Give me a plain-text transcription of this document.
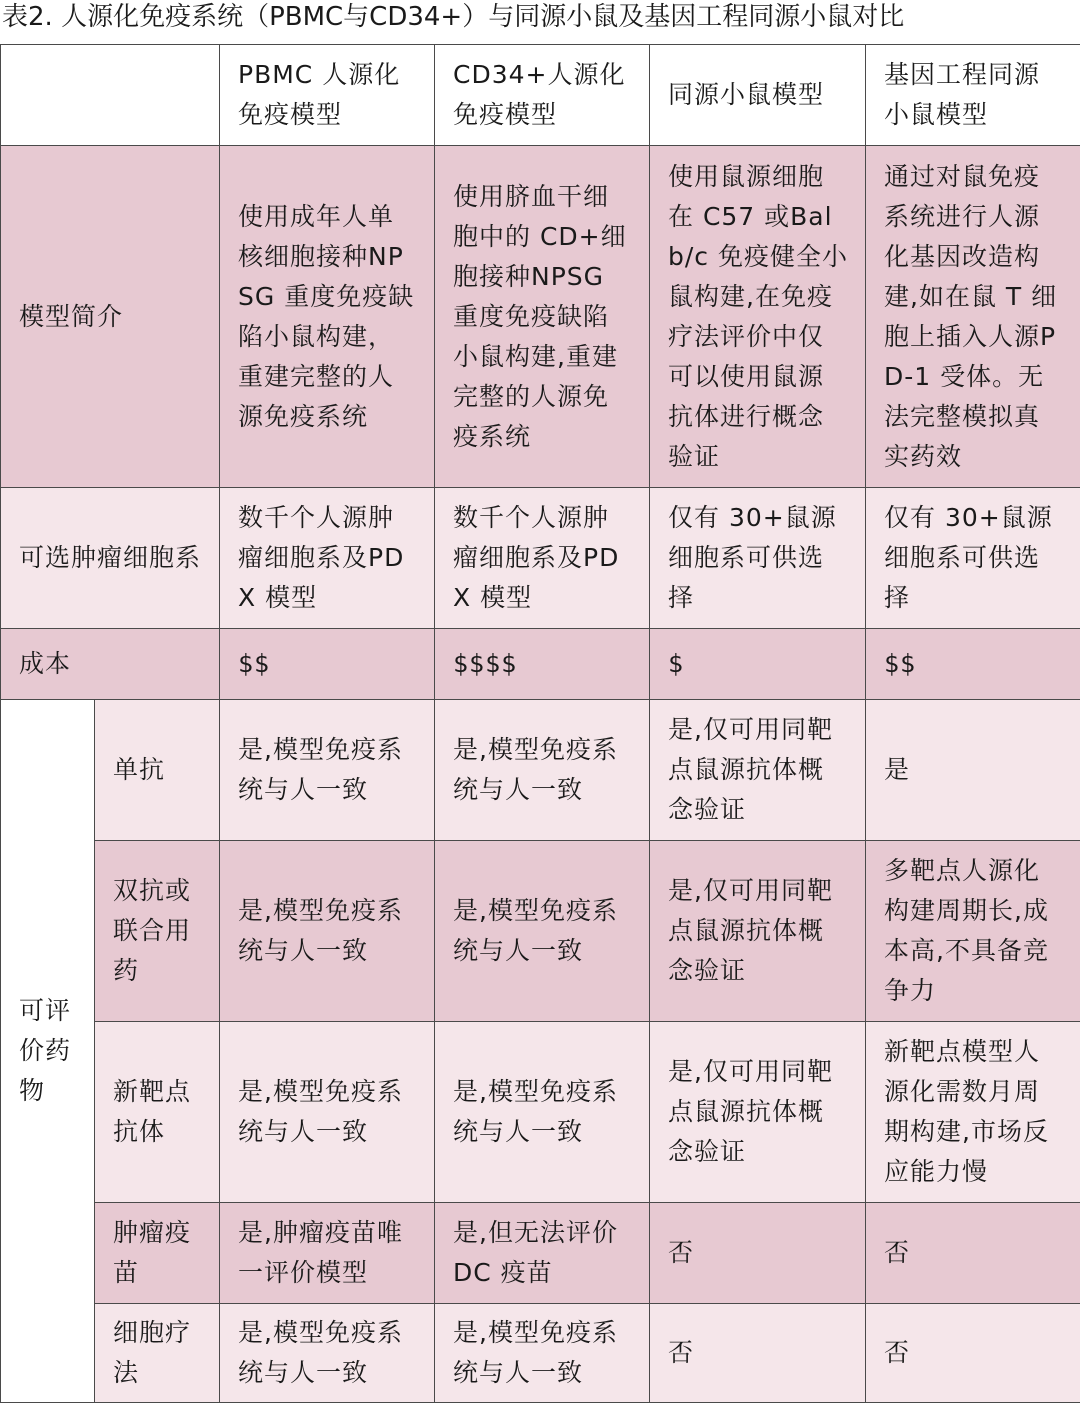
表2. 人源化免疫系统（PBMC与CD34+）与同源小鼠及基因工程同源小鼠对比
		PBMC 人源化免疫模型	CD34+人源化免疫模型	同源小鼠模型	基因工程同源小鼠模型
模型简介		使用成年人单核细胞接种NPSG 重度免疫缺陷小鼠构建，重建完整的人源免疫系统	使用脐血干细胞中的 CD+细胞接种NPSG 重度免疫缺陷小鼠构建,重建完整的人源免疫系统	使用鼠源细胞在 C57 或Balb/c 免疫健全小鼠构建,在免疫疗法评价中仅可以使用鼠源抗体进行概念验证	通过对鼠免疫系统进行人源化基因改造构建,如在鼠 T 细胞上插入人源PD-1 受体。无法完整模拟真实药效
可选肿瘤细胞系		数千个人源肿瘤细胞系及PDX 模型	数千个人源肿瘤细胞系及PDX 模型	仅有 30+鼠源细胞系可供选择	仅有 30+鼠源细胞系可供选择
成本		$$	$$$$	$	$$
可评价药物	单抗	是,模型免疫系统与人一致	是,模型免疫系统与人一致	是,仅可用同靶点鼠源抗体概念验证	是
	双抗或联合用药	是,模型免疫系统与人一致	是,模型免疫系统与人一致	是,仅可用同靶点鼠源抗体概念验证	多靶点人源化构建周期长,成本高,不具备竞争力
	新靶点抗体	是,模型免疫系统与人一致	是,模型免疫系统与人一致	是,仅可用同靶点鼠源抗体概念验证	新靶点模型人源化需数月周期构建,市场反应能力慢
	肿瘤疫苗	是,肿瘤疫苗唯一评价模型	是,但无法评价DC 疫苗	否	否
	细胞疗法	是,模型免疫系统与人一致	是,模型免疫系统与人一致	否	否
